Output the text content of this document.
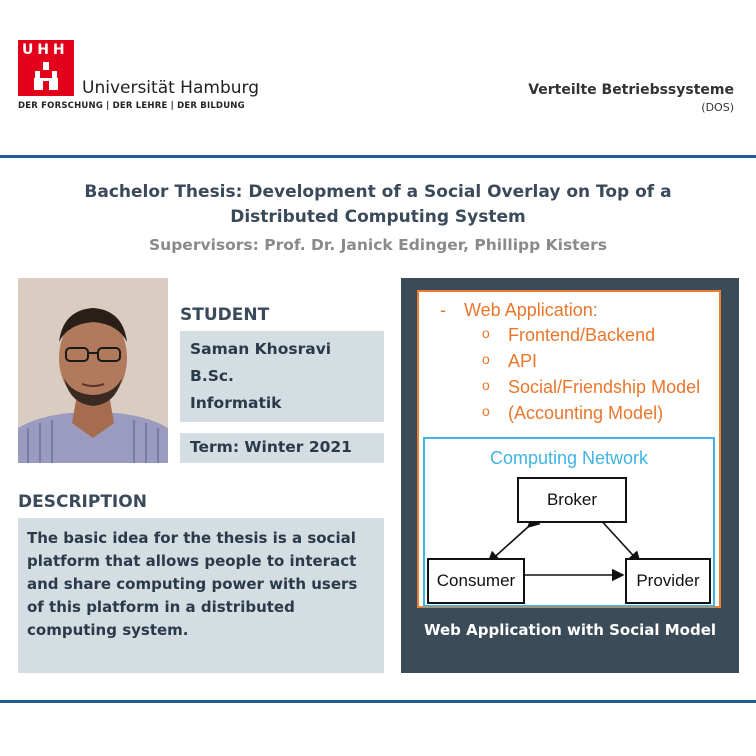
U H H
Universität Hamburg
DER FORSCHUNG | DER LEHRE | DER BILDUNG
Verteilte Betriebssysteme
(DOS)
Bachelor Thesis: Development of a Social Overlay on Top of a Distributed Computing System
Supervisors: Prof. Dr. Janick Edinger, Phillipp Kisters
STUDENT
Saman Khosravi
B.Sc.
Informatik
Term: Winter 2021
DESCRIPTION
The basic idea for the thesis is a social platform that allows people to interact and share computing power with users of this platform in a distributed computing system.
- Web Application:
o Frontend/Backend
o API
o Social/Friendship Model
o (Accounting Model)
Computing Network
Broker
Consumer	Provider
Web Application with Social Model
